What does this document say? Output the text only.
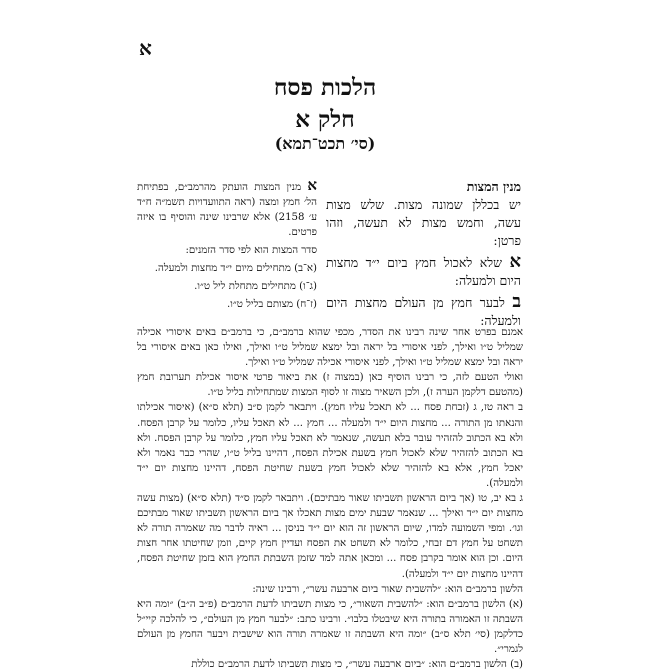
א
הלכות פסח
חלק א
(סי׳ תכט־תמא)
מנין המצות

יש בכללן שמונה מצות. שלש מצות עשה, וחמש מצות לא תעשה, וזהו פרטן:

א שלא לאכול חמץ ביום י״ד מחצות היום ולמעלה:

ב לבער חמץ מן העולם מחצות היום ולמעלה:

א מנין המצות הועתק מהרמב״ם, בפתיחת הל׳ חמץ ומצה (ראה התוועדויות תשמ״ה ח״ד ע׳ 2158) אלא שרבינו שינה והוסיף בו איזה פרטים.

סדר המצות הוא לפי סדר הזמנים:

(א־ב) מתחילים מיום י״ד מחצות ולמעלה.

(ג־ו) מתחילים מתחלת ליל ט״ו.

(ז־ח) מצותם בליל ט״ו.

אמנם בפרט אחר שינה רבינו את הסדר, מכפי שהוא ברמב״ם, כי ברמב״ם באים איסורי אכילה שמליל ט״ו ואילך, לפני איסורי בל יראה ובל ימצא שמליל ט״ו ואילך, ואילו כאן באים איסורי בל יראה ובל ימצא שמליל ט״ו ואילך, לפני איסורי אכילה שמליל ט״ו ואילך.

ואולי הטעם לזה, כי רבינו הוסיף כאן (במצוה ז) את ביאור פרטי איסור אכילת תערובת חמץ (מהטעם דלקמן הערה ז), ולכן השאיר מצוה זו לסוף המצות שמתחילות בליל ט״ו.

ב ראה טז, ג (זבחת פסח ... לא תאכל עליו חמץ). ויתבאר לקמן ס״ב (תלא ס״א) (איסור אכילתו והנאתו מן התורה ... מחצות היום י״ד ולמעלה ... חמץ ... לא תאכל עליו, כלומר על קרבן הפסח. ולא בא הכתוב להזהיר עובר בלא תעשה, שנאמר לא תאכל עליו חמץ, כלומר על קרבן הפסח. ולא בא הכתוב להזהיר שלא לאכול חמץ בשעת אכילת הפסח, דהיינו בליל ט״ו, שהרי כבר נאמר ולא יאכל חמץ, אלא בא להזהיר שלא לאכול חמץ בשעת שחיטת הפסח, דהיינו מחצות יום י״ד ולמעלה).

ג בא יב, טו (אך ביום הראשון תשביתו שאור מבתיכם). ויתבאר לקמן ס״ד (תלא ס״א) (מצות עשה מחצות יום י״ד ואילך ... שנאמר שבעת ימים מצות תאכלו אך ביום הראשון תשביתו שאור מבתיכם וגו׳. ומפי השמועה למדו, שיום הראשון זה הוא יום י״ד בניסן ... ראיה לדבר מה שאמרה תורה לא תשחט על חמץ דם זבחי, כלומר לא תשחט את הפסח ועדיין חמץ קיים, וזמן שחיטתו אחר חצות היום. וכן הוא אומר בקרבן פסח ... ומכאן אתה למד שזמן השבתת החמץ הוא בזמן שחיטת הפסח, דהיינו מחצות יום י״ד ולמעלה).

הלשון ברמב״ם הוא: ״להשבית שאור ביום ארבעה עשר״, ורבינו שינה:

(א) הלשון ברמב״ם הוא: ״להשבית השאור״, כי מצות תשביתו לדעת הרמב״ם (פ״ב ה״ב) ״ומה היא השבתה זו האמורה בתורה היא שיבטלו בלבו״. ורבינו כתב: ״לבער חמץ מן העולם״, כי להלכה קיי״ל כדלקמן (סי׳ תלא ס״ב) ״ומה היא השבתה זו שאמרה תורה הוא שישבית ויבער החמץ מן העולם לגמרי״.

(ב) הלשון ברמב״ם הוא: ״ביום ארבעה עשר״, כי מצות תשביתו לדעת הרמב״ם כוללת
